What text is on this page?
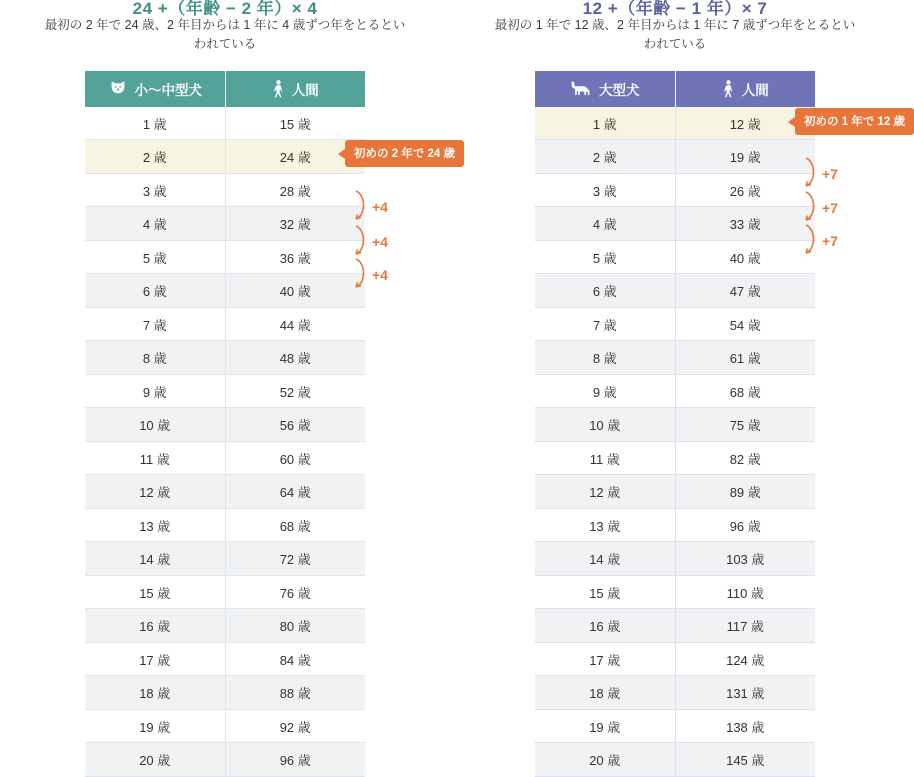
24 +（年齢 − 2 年）× 4
最初の 2 年で 24 歳、2 年目からは 1 年に 4 歳ずつ年をとるといわれている
小〜中型犬	人間

1 歳	15 歳
2 歳	24 歳
3 歳	28 歳
4 歳	32 歳
5 歳	36 歳
6 歳	40 歳
7 歳	44 歳
8 歳	48 歳
9 歳	52 歳
10 歳	56 歳
11 歳	60 歳
12 歳	64 歳
13 歳	68 歳
14 歳	72 歳
15 歳	76 歳
16 歳	80 歳
17 歳	84 歳
18 歳	88 歳
19 歳	92 歳
20 歳	96 歳
初めの 2 年で 24 歳
+4
+4
+4
12 +（年齢 − 1 年）× 7
最初の 1 年で 12 歳、2 年目からは 1 年に 7 歳ずつ年をとるといわれている
大型犬	人間

1 歳	12 歳
2 歳	19 歳
3 歳	26 歳
4 歳	33 歳
5 歳	40 歳
6 歳	47 歳
7 歳	54 歳
8 歳	61 歳
9 歳	68 歳
10 歳	75 歳
11 歳	82 歳
12 歳	89 歳
13 歳	96 歳
14 歳	103 歳
15 歳	110 歳
16 歳	117 歳
17 歳	124 歳
18 歳	131 歳
19 歳	138 歳
20 歳	145 歳
初めの 1 年で 12 歳
+7
+7
+7
